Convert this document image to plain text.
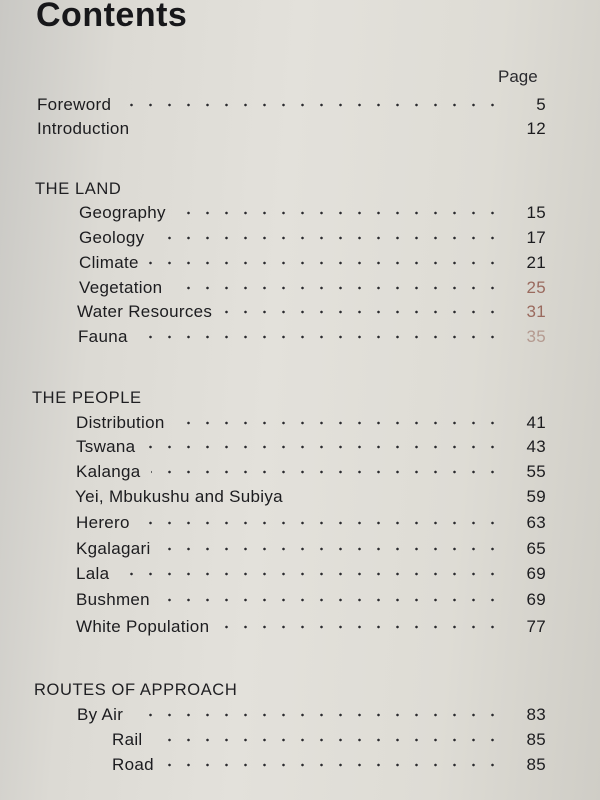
Contents
Page
Foreword	5
Introduction	12
THE LAND
Geography	15
Geology	17
Climate	21
Vegetation	25
Water Resources	31
Fauna	35
THE PEOPLE
Distribution	41
Tswana	43
Kalanga	55
Yei, Mbukushu and Subiya	59
Herero	63
Kgalagari	65
Lala	69
Bushmen	69
White Population	77
ROUTES OF APPROACH
By Air	83
Rail	85
Road	85
